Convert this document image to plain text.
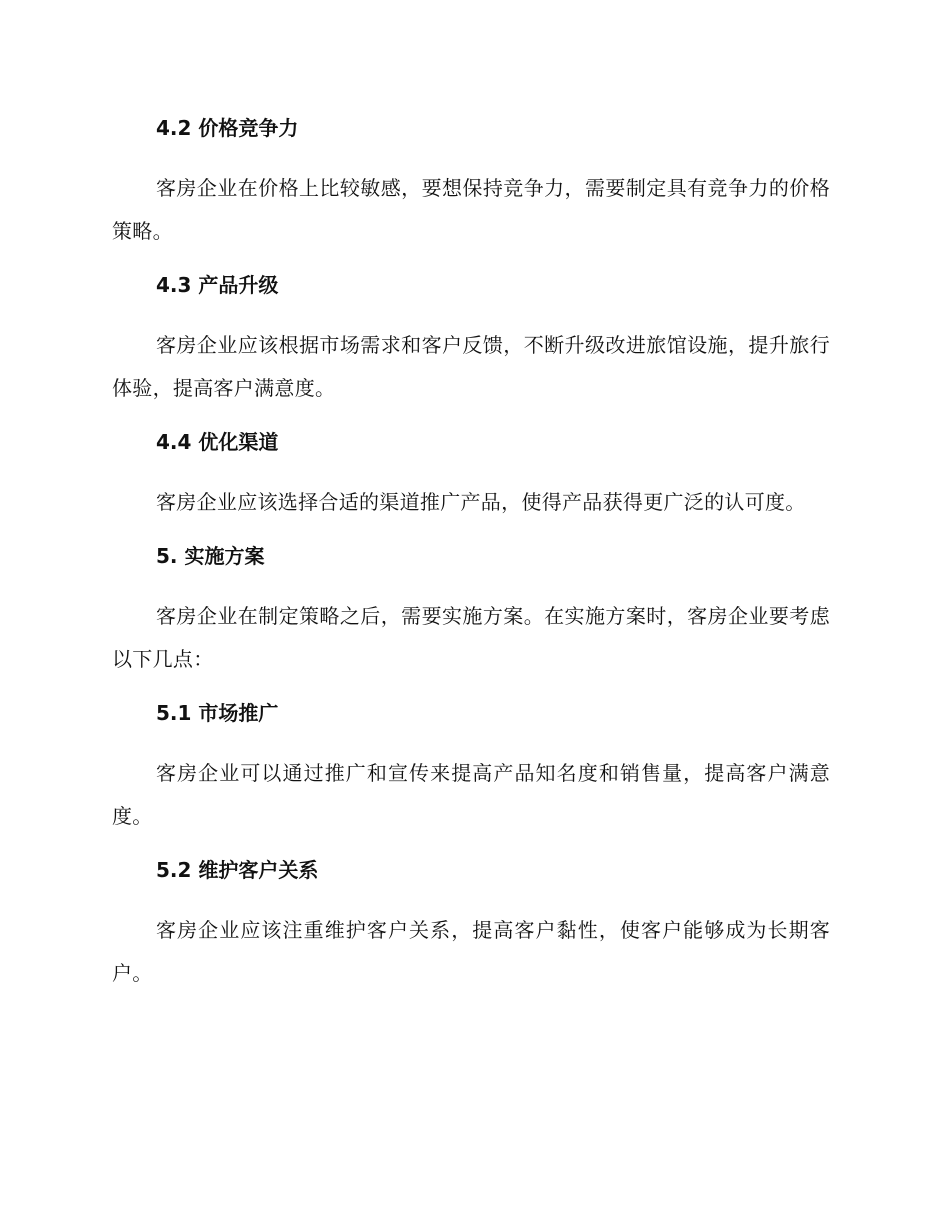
4.2 价格竞争力

客房企业在价格上比较敏感，要想保持竞争力，需要制定具有竞争力的价格策略。

4.3 产品升级

客房企业应该根据市场需求和客户反馈，不断升级改进旅馆设施，提升旅行体验，提高客户满意度。

4.4 优化渠道

客房企业应该选择合适的渠道推广产品，使得产品获得更广泛的认可度。

5. 实施方案

客房企业在制定策略之后，需要实施方案。在实施方案时，客房企业要考虑以下几点：

5.1 市场推广

客房企业可以通过推广和宣传来提高产品知名度和销售量，提高客户满意度。

5.2 维护客户关系

客房企业应该注重维护客户关系，提高客户黏性，使客户能够成为长期客户。
